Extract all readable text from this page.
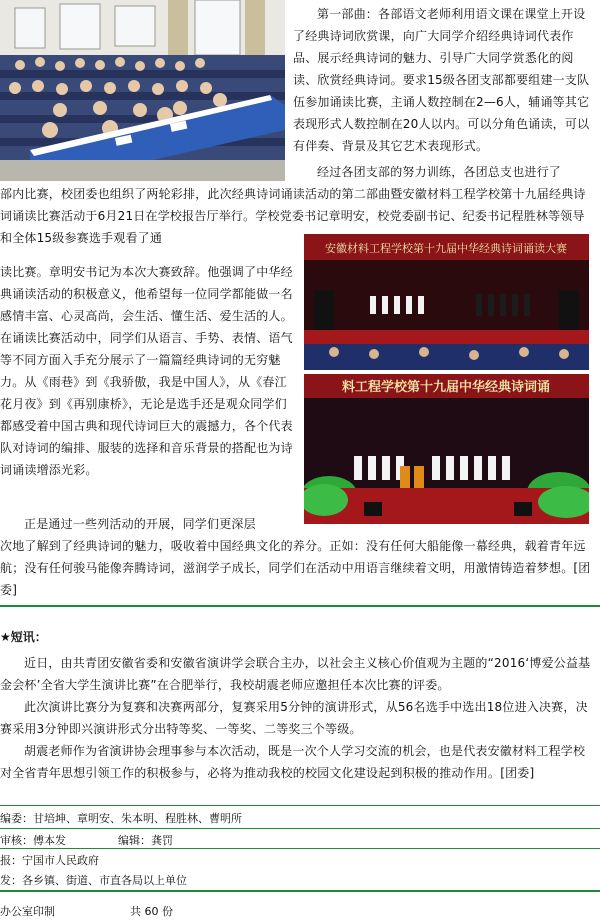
第一部曲：各部语文老师利用语文课在课堂上开设了经典诗词欣赏课，向广大同学介绍经典诗词代表作品、展示经典诗词的魅力、引导广大同学赏悉化的阅读、欣赏经典诗词。要求15级各团支部都要组建一支队伍参加诵读比赛，主诵人数控制在2—6人，辅诵等其它表现形式人数控制在20人以内。可以分角色诵读，可以有伴奏、背景及其它艺术表现形式。
经过各团支部的努力训练，各团总支也进行了
部内比赛，校团委也组织了两轮彩排，此次经典诗词诵读活动的第二部曲暨安徽材料工程学校第十九届经典诗词诵读比赛活动于6月21日在学校报告厅举行。学校党委书记章明安，校党委副书记、纪委书记程胜林等领导和全体15级参赛选手观看了通
安徽材料工程学校第十九届中华经典诗词诵读大赛
料工程学校第十九届中华经典诗词诵
读比赛。章明安书记为本次大赛致辞。他强调了中华经典诵读活动的积极意义，他希望每一位同学都能做一名感情丰富、心灵高尚，会生活、懂生活、爱生活的人。在诵读比赛活动中，同学们从语言、手势、表情、语气等不同方面入手充分展示了一篇篇经典诗词的无穷魅力。从《雨巷》到《我骄傲，我是中国人》，从《春江花月夜》到《再别康桥》，无论是选手还是观众同学们都感受着中国古典和现代诗词巨大的震撼力，各个代表队对诗词的编排、服装的选择和音乐背景的搭配也为诗词诵读增添光彩。
正是通过一些列活动的开展，同学们更深层
次地了解到了经典诗词的魅力，吸收着中国经典文化的养分。正如：没有任何大船能像一幕经典，载着青年远航；没有任何骏马能像奔腾诗词，滋润学子成长，同学们在活动中用语言继续着文明，用激情铸造着梦想。[团委]
★短讯：
近日，由共青团安徽省委和安徽省演讲学会联合主办，以社会主义核心价值观为主题的“2016‘博爱公益基金会杯’全省大学生演讲比赛”在合肥举行，我校胡震老师应邀担任本次比赛的评委。
此次演讲比赛分为复赛和决赛两部分，复赛采用5分钟的演讲形式，从56名选手中选出18位进入决赛，决赛采用3分钟即兴演讲形式分出特等奖、一等奖、二等奖三个等级。
胡震老师作为省演讲协会理事参与本次活动，既是一次个人学习交流的机会，也是代表安徽材料工程学校对全省青年思想引领工作的积极参与，必将为推动我校的校园文化建设起到积极的推动作用。[团委]
编委：甘培坤、章明安、朱本明、程胜林、曹明所
审核：傅本发	编辑：龚罚
报：宁国市人民政府
发：各乡镇、街道、市直各局以上单位
办公室印制	共 60 份
